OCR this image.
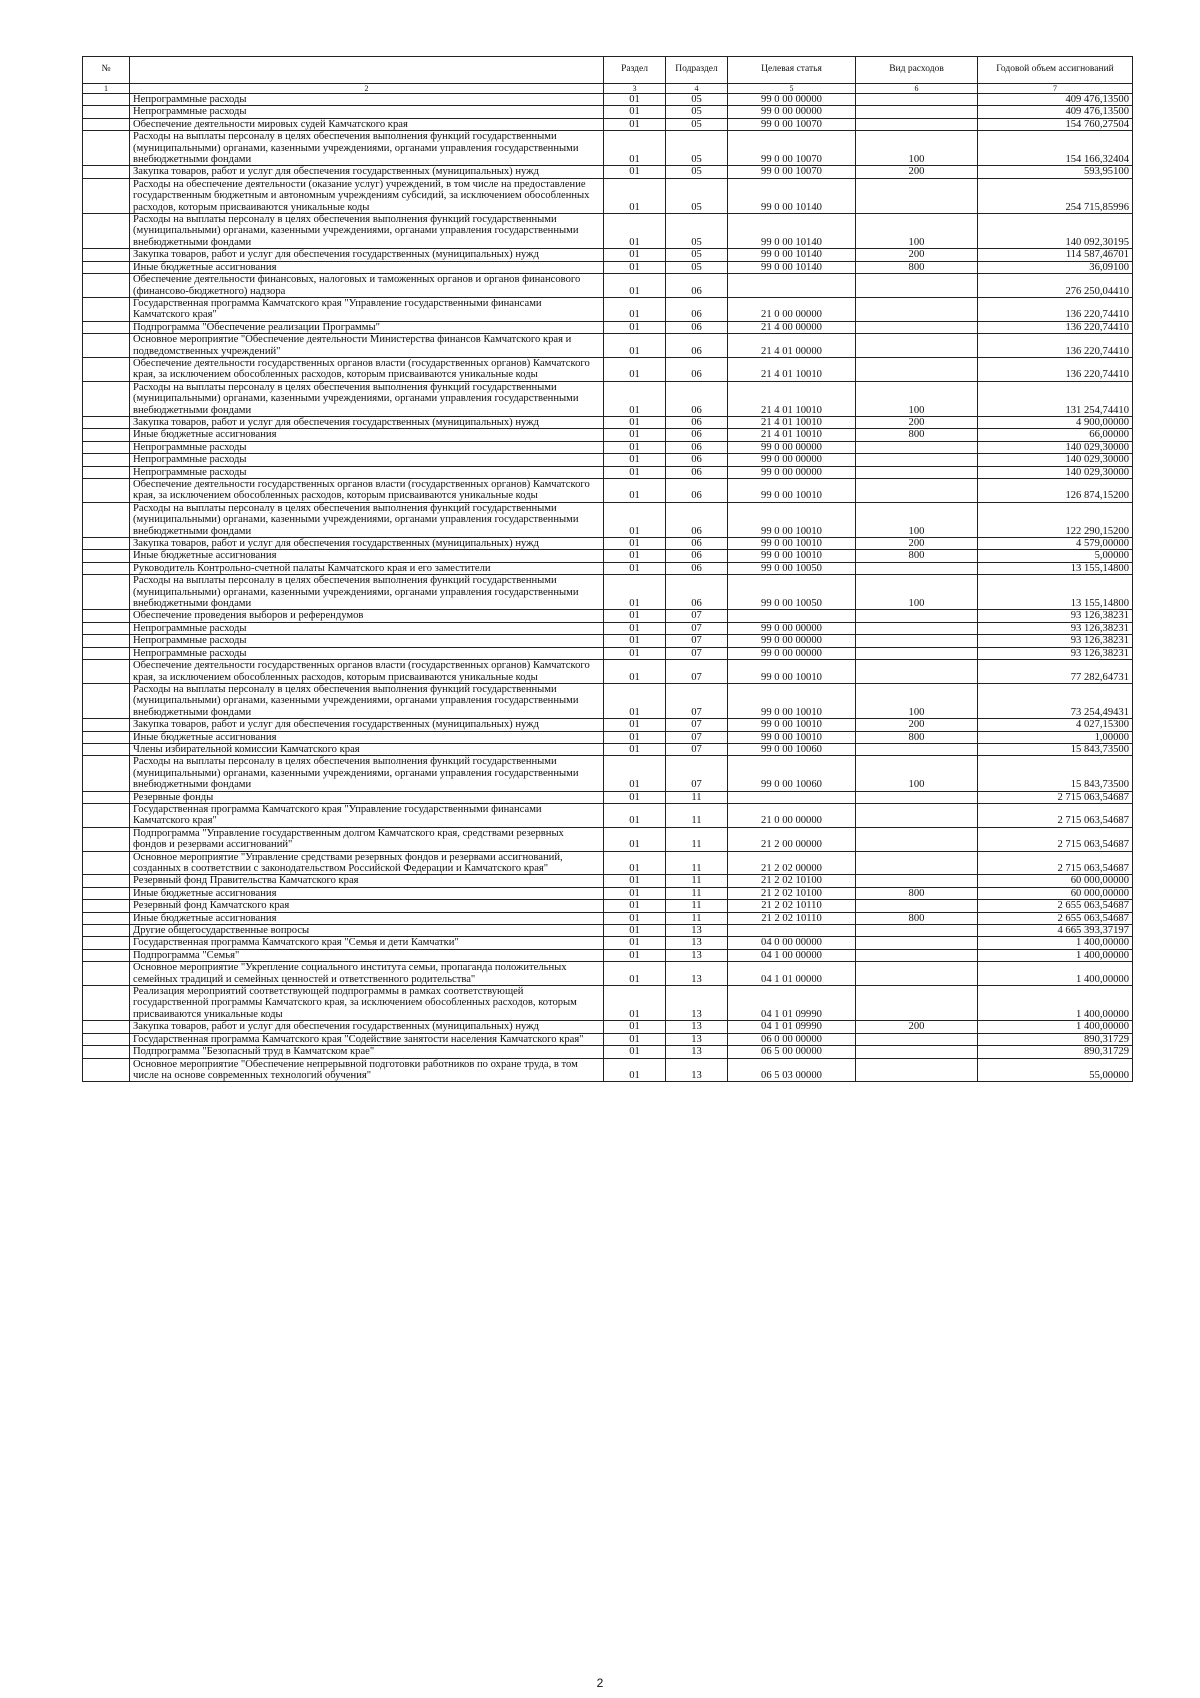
№		Раздел	Подраздел	Целевая статья	Вид расходов	Годовой объем ассигнований
1	2	3	4	5	6	7
	Непрограммные расходы	01	05	99 0 00 00000		409 476,13500
	Непрограммные расходы	01	05	99 0 00 00000		409 476,13500
	Обеспечение деятельности мировых судей Камчатского края	01	05	99 0 00 10070		154 760,27504
	Расходы на выплаты персоналу в целях обеспечения выполнения функций государственными (муниципальными) органами, казенными учреждениями, органами управления государственными внебюджетными фондами	01	05	99 0 00 10070	100	154 166,32404
	Закупка товаров, работ и услуг для обеспечения государственных (муниципальных) нужд	01	05	99 0 00 10070	200	593,95100
	Расходы на обеспечение деятельности (оказание услуг) учреждений, в том числе на предоставление государственным бюджетным и автономным учреждениям субсидий, за исключением обособленных расходов, которым присваиваются уникальные коды	01	05	99 0 00 10140		254 715,85996
	Расходы на выплаты персоналу в целях обеспечения выполнения функций государственными (муниципальными) органами, казенными учреждениями, органами управления государственными внебюджетными фондами	01	05	99 0 00 10140	100	140 092,30195
	Закупка товаров, работ и услуг для обеспечения государственных (муниципальных) нужд	01	05	99 0 00 10140	200	114 587,46701
	Иные бюджетные ассигнования	01	05	99 0 00 10140	800	36,09100
	Обеспечение деятельности финансовых, налоговых и таможенных органов и органов финансового (финансово-бюджетного) надзора	01	06			276 250,04410
	Государственная программа Камчатского края "Управление государственными финансами Камчатского края"	01	06	21 0 00 00000		136 220,74410
	Подпрограмма "Обеспечение реализации Программы"	01	06	21 4 00 00000		136 220,74410
	Основное мероприятие "Обеспечение деятельности Министерства финансов Камчатского края и подведомственных учреждений"	01	06	21 4 01 00000		136 220,74410
	Обеспечение деятельности государственных органов власти (государственных органов) Камчатского края, за исключением обособленных расходов, которым присваиваются уникальные коды	01	06	21 4 01 10010		136 220,74410
	Расходы на выплаты персоналу в целях обеспечения выполнения функций государственными (муниципальными) органами, казенными учреждениями, органами управления государственными внебюджетными фондами	01	06	21 4 01 10010	100	131 254,74410
	Закупка товаров, работ и услуг для обеспечения государственных (муниципальных) нужд	01	06	21 4 01 10010	200	4 900,00000
	Иные бюджетные ассигнования	01	06	21 4 01 10010	800	66,00000
	Непрограммные расходы	01	06	99 0 00 00000		140 029,30000
	Непрограммные расходы	01	06	99 0 00 00000		140 029,30000
	Непрограммные расходы	01	06	99 0 00 00000		140 029,30000
	Обеспечение деятельности государственных органов власти (государственных органов) Камчатского края, за исключением обособленных расходов, которым присваиваются уникальные коды	01	06	99 0 00 10010		126 874,15200
	Расходы на выплаты персоналу в целях обеспечения выполнения функций государственными (муниципальными) органами, казенными учреждениями, органами управления государственными внебюджетными фондами	01	06	99 0 00 10010	100	122 290,15200
	Закупка товаров, работ и услуг для обеспечения государственных (муниципальных) нужд	01	06	99 0 00 10010	200	4 579,00000
	Иные бюджетные ассигнования	01	06	99 0 00 10010	800	5,00000
	Руководитель Контрольно-счетной палаты Камчатского края и его заместители	01	06	99 0 00 10050		13 155,14800
	Расходы на выплаты персоналу в целях обеспечения выполнения функций государственными (муниципальными) органами, казенными учреждениями, органами управления государственными внебюджетными фондами	01	06	99 0 00 10050	100	13 155,14800
	Обеспечение проведения выборов и референдумов	01	07			93 126,38231
	Непрограммные расходы	01	07	99 0 00 00000		93 126,38231
	Непрограммные расходы	01	07	99 0 00 00000		93 126,38231
	Непрограммные расходы	01	07	99 0 00 00000		93 126,38231
	Обеспечение деятельности государственных органов власти (государственных органов) Камчатского края, за исключением обособленных расходов, которым присваиваются уникальные коды	01	07	99 0 00 10010		77 282,64731
	Расходы на выплаты персоналу в целях обеспечения выполнения функций государственными (муниципальными) органами, казенными учреждениями, органами управления государственными внебюджетными фондами	01	07	99 0 00 10010	100	73 254,49431
	Закупка товаров, работ и услуг для обеспечения государственных (муниципальных) нужд	01	07	99 0 00 10010	200	4 027,15300
	Иные бюджетные ассигнования	01	07	99 0 00 10010	800	1,00000
	Члены избирательной комиссии Камчатского края	01	07	99 0 00 10060		15 843,73500
	Расходы на выплаты персоналу в целях обеспечения выполнения функций государственными (муниципальными) органами, казенными учреждениями, органами управления государственными внебюджетными фондами	01	07	99 0 00 10060	100	15 843,73500
	Резервные фонды	01	11			2 715 063,54687
	Государственная программа Камчатского края "Управление государственными финансами Камчатского края"	01	11	21 0 00 00000		2 715 063,54687
	Подпрограмма "Управление государственным долгом Камчатского края, средствами резервных фондов и резервами ассигнований"	01	11	21 2 00 00000		2 715 063,54687
	Основное мероприятие "Управление средствами резервных фондов и резервами ассигнований, созданных в соответствии с законодательством Российской Федерации и Камчатского края"	01	11	21 2 02 00000		2 715 063,54687
	Резервный фонд Правительства Камчатского края	01	11	21 2 02 10100		60 000,00000
	Иные бюджетные ассигнования	01	11	21 2 02 10100	800	60 000,00000
	Резервный фонд Камчатского края	01	11	21 2 02 10110		2 655 063,54687
	Иные бюджетные ассигнования	01	11	21 2 02 10110	800	2 655 063,54687
	Другие общегосударственные вопросы	01	13			4 665 393,37197
	Государственная программа Камчатского края "Семья и дети Камчатки"	01	13	04 0 00 00000		1 400,00000
	Подпрограмма "Семья"	01	13	04 1 00 00000		1 400,00000
	Основное мероприятие "Укрепление социального института семьи, пропаганда положительных семейных традиций и семейных ценностей и ответственного родительства"	01	13	04 1 01 00000		1 400,00000
	Реализация мероприятий соответствующей подпрограммы в рамках соответствующей государственной программы Камчатского края, за исключением обособленных расходов, которым присваиваются уникальные коды	01	13	04 1 01 09990		1 400,00000
	Закупка товаров, работ и услуг для обеспечения государственных (муниципальных) нужд	01	13	04 1 01 09990	200	1 400,00000
	Государственная программа Камчатского края "Содействие занятости населения Камчатского края"	01	13	06 0 00 00000		890,31729
	Подпрограмма "Безопасный труд в Камчатском крае"	01	13	06 5 00 00000		890,31729
	Основное мероприятие "Обеспечение непрерывной подготовки работников по охране труда, в том числе на основе современных технологий обучения"	01	13	06 5 03 00000		55,00000
2
